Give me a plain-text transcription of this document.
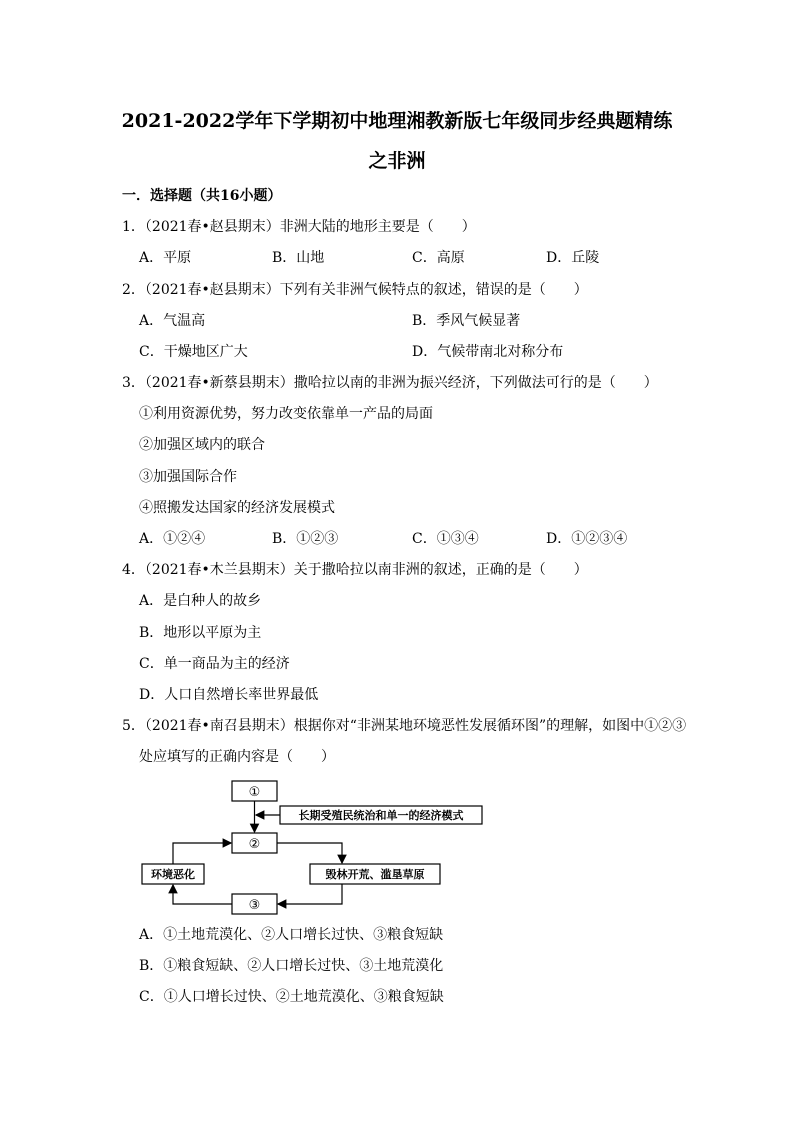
2021-2022学年下学期初中地理湘教新版七年级同步经典题精练
之非洲
一．选择题（共16小题）
1．（2021春•赵县期末）非洲大陆的地形主要是（　　）
A．平原	B．山地	C．高原	D．丘陵
2．（2021春•赵县期末）下列有关非洲气候特点的叙述，错误的是（　　）
A．气温高	B．季风气候显著
C．干燥地区广大	D．气候带南北对称分布
3．（2021春•新蔡县期末）撒哈拉以南的非洲为振兴经济，下列做法可行的是（　　）
①利用资源优势，努力改变依靠单一产品的局面
②加强区域内的联合
③加强国际合作
④照搬发达国家的经济发展模式
A．①②④	B．①②③	C．①③④	D．①②③④
4．（2021春•木兰县期末）关于撒哈拉以南非洲的叙述，正确的是（　　）
A．是白种人的故乡
B．地形以平原为主
C．单一商品为主的经济
D．人口自然增长率世界最低
5．（2021春•南召县期末）根据你对“非洲某地环境恶性发展循环图”的理解，如图中①②③
处应填写的正确内容是（　　）
①
②
③
长期受殖民统治和单一的经济模式
环境恶化	毁林开荒、滥垦草原
A．①土地荒漠化、②人口增长过快、③粮食短缺
B．①粮食短缺、②人口增长过快、③土地荒漠化
C．①人口增长过快、②土地荒漠化、③粮食短缺
